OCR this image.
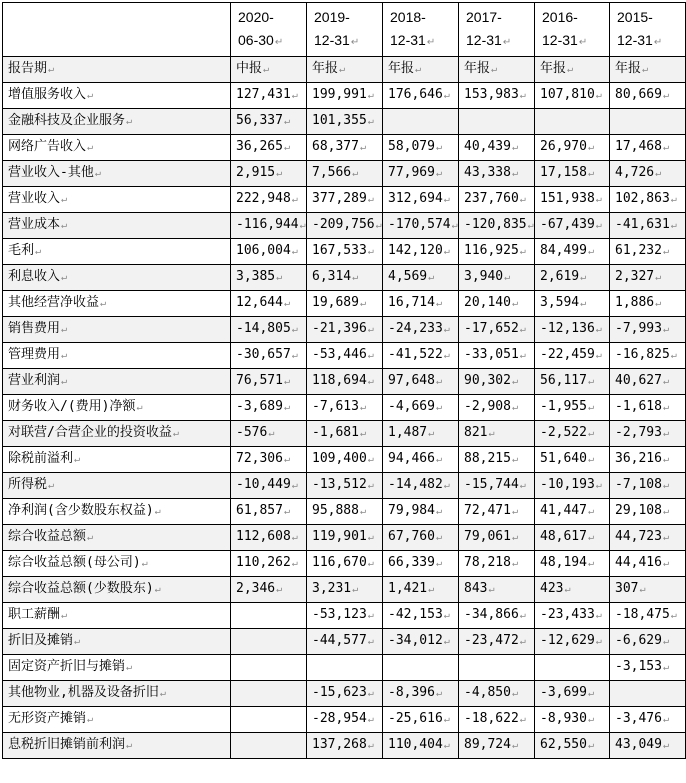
	2020-
06-30↵	2019-
12-31↵	2018-
12-31↵	2017-
12-31↵	2016-
12-31↵	2015-
12-31↵
报告期↵	中报↵	年报↵	年报↵	年报↵	年报↵	年报↵
增值服务收入↵	127,431↵	199,991↵	176,646↵	153,983↵	107,810↵	80,669↵
金融科技及企业服务↵	56,337↵	101,355↵				
网络广告收入↵	36,265↵	68,377↵	58,079↵	40,439↵	26,970↵	17,468↵
营业收入-其他↵	2,915↵	7,566↵	77,969↵	43,338↵	17,158↵	4,726↵
营业收入↵	222,948↵	377,289↵	312,694↵	237,760↵	151,938↵	102,863↵
营业成本↵	-116,944↵	-209,756↵	-170,574↵	-120,835↵	-67,439↵	-41,631↵
毛利↵	106,004↵	167,533↵	142,120↵	116,925↵	84,499↵	61,232↵
利息收入↵	3,385↵	6,314↵	4,569↵	3,940↵	2,619↵	2,327↵
其他经营净收益↵	12,644↵	19,689↵	16,714↵	20,140↵	3,594↵	1,886↵
销售费用↵	-14,805↵	-21,396↵	-24,233↵	-17,652↵	-12,136↵	-7,993↵
管理费用↵	-30,657↵	-53,446↵	-41,522↵	-33,051↵	-22,459↵	-16,825↵
营业利润↵	76,571↵	118,694↵	97,648↵	90,302↵	56,117↵	40,627↵
财务收入/(费用)净额↵	-3,689↵	-7,613↵	-4,669↵	-2,908↵	-1,955↵	-1,618↵
对联营/合营企业的投资收益↵	-576↵	-1,681↵	1,487↵	821↵	-2,522↵	-2,793↵
除税前溢利↵	72,306↵	109,400↵	94,466↵	88,215↵	51,640↵	36,216↵
所得税↵	-10,449↵	-13,512↵	-14,482↵	-15,744↵	-10,193↵	-7,108↵
净利润(含少数股东权益)↵	61,857↵	95,888↵	79,984↵	72,471↵	41,447↵	29,108↵
综合收益总额↵	112,608↵	119,901↵	67,760↵	79,061↵	48,617↵	44,723↵
综合收益总额(母公司)↵	110,262↵	116,670↵	66,339↵	78,218↵	48,194↵	44,416↵
综合收益总额(少数股东)↵	2,346↵	3,231↵	1,421↵	843↵	423↵	307↵
职工薪酬↵		-53,123↵	-42,153↵	-34,866↵	-23,433↵	-18,475↵
折旧及摊销↵		-44,577↵	-34,012↵	-23,472↵	-12,629↵	-6,629↵
固定资产折旧与摊销↵						-3,153↵
其他物业,机器及设备折旧↵		-15,623↵	-8,396↵	-4,850↵	-3,699↵	
无形资产摊销↵		-28,954↵	-25,616↵	-18,622↵	-8,930↵	-3,476↵
息税折旧摊销前利润↵		137,268↵	110,404↵	89,724↵	62,550↵	43,049↵
